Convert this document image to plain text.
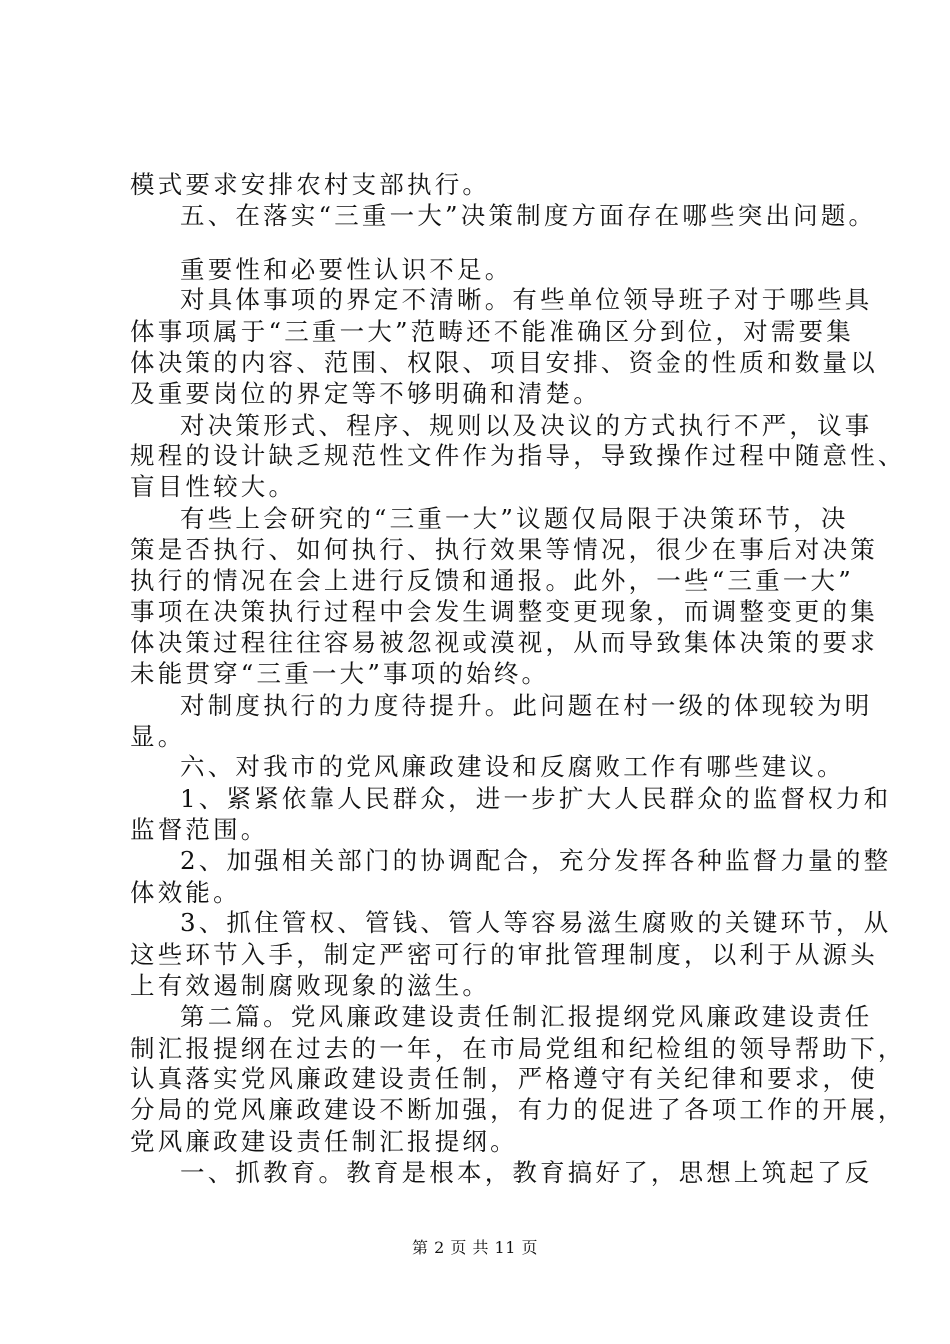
模式要求安排农村支部执行。
五、在落实“三重一大”决策制度方面存在哪些突出问题。
重要性和必要性认识不足。
对具体事项的界定不清晰。有些单位领导班子对于哪些具
体事项属于“三重一大”范畴还不能准确区分到位，对需要集
体决策的内容、范围、权限、项目安排、资金的性质和数量以
及重要岗位的界定等不够明确和清楚。
对决策形式、程序、规则以及决议的方式执行不严，议事
规程的设计缺乏规范性文件作为指导，导致操作过程中随意性、
盲目性较大。
有些上会研究的“三重一大”议题仅局限于决策环节，决
策是否执行、如何执行、执行效果等情况，很少在事后对决策
执行的情况在会上进行反馈和通报。此外，一些“三重一大”
事项在决策执行过程中会发生调整变更现象，而调整变更的集
体决策过程往往容易被忽视或漠视，从而导致集体决策的要求
未能贯穿“三重一大”事项的始终。
对制度执行的力度待提升。此问题在村一级的体现较为明
显。
六、对我市的党风廉政建设和反腐败工作有哪些建议。
1、紧紧依靠人民群众，进一步扩大人民群众的监督权力和
监督范围。
2、加强相关部门的协调配合，充分发挥各种监督力量的整
体效能。
3、抓住管权、管钱、管人等容易滋生腐败的关键环节，从
这些环节入手，制定严密可行的审批管理制度，以利于从源头
上有效遏制腐败现象的滋生。
第二篇。党风廉政建设责任制汇报提纲党风廉政建设责任
制汇报提纲在过去的一年，在市局党组和纪检组的领导帮助下，
认真落实党风廉政建设责任制，严格遵守有关纪律和要求，使
分局的党风廉政建设不断加强，有力的促进了各项工作的开展，
党风廉政建设责任制汇报提纲。
一、抓教育。教育是根本，教育搞好了，思想上筑起了反
第 2 页 共 11 页
